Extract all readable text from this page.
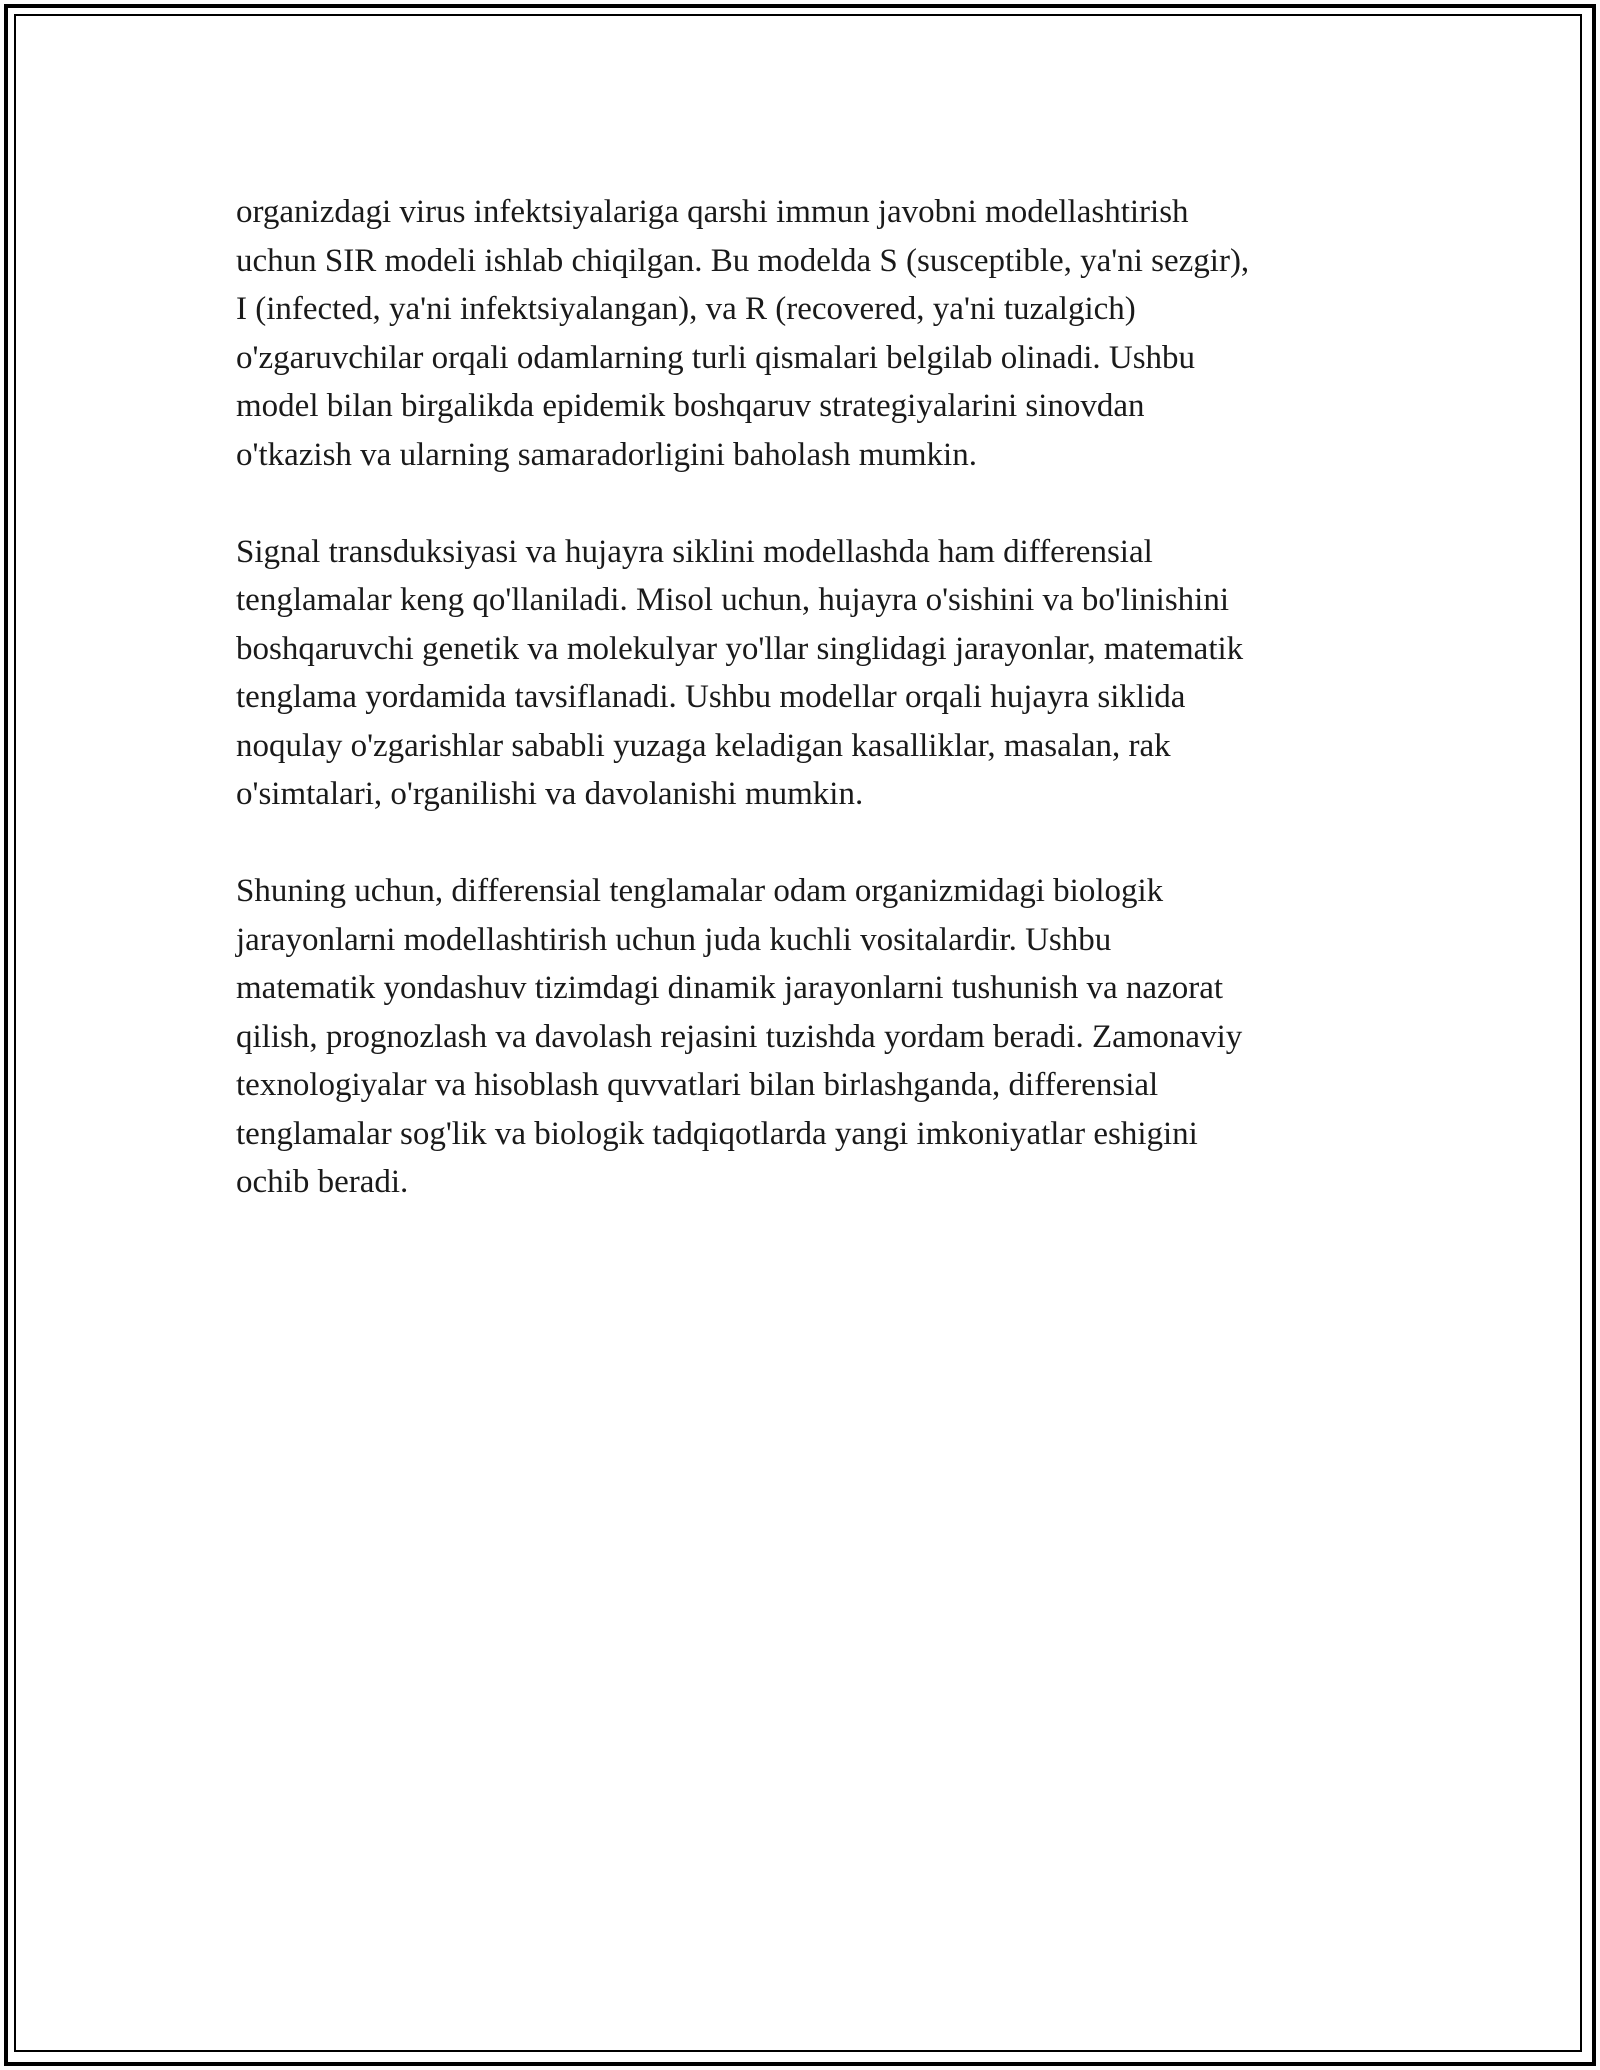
organizdagi virus infektsiyalariga qarshi immun javobni modellashtirish
uchun SIR modeli ishlab chiqilgan. Bu modelda S (susceptible, ya'ni sezgir),
I (infected, ya'ni infektsiyalangan), va R (recovered, ya'ni tuzalgich)
o'zgaruvchilar orqali odamlarning turli qismalari belgilab olinadi. Ushbu
model bilan birgalikda epidemik boshqaruv strategiyalarini sinovdan
o'tkazish va ularning samaradorligini baholash mumkin.

Signal transduksiyasi va hujayra siklini modellashda ham differensial
tenglamalar keng qo'llaniladi. Misol uchun, hujayra o'sishini va bo'linishini
boshqaruvchi genetik va molekulyar yo'llar singlidagi jarayonlar, matematik
tenglama yordamida tavsiflanadi. Ushbu modellar orqali hujayra siklida
noqulay o'zgarishlar sababli yuzaga keladigan kasalliklar, masalan, rak
o'simtalari, o'rganilishi va davolanishi mumkin.

Shuning uchun, differensial tenglamalar odam organizmidagi biologik
jarayonlarni modellashtirish uchun juda kuchli vositalardir. Ushbu
matematik yondashuv tizimdagi dinamik jarayonlarni tushunish va nazorat
qilish, prognozlash va davolash rejasini tuzishda yordam beradi. Zamonaviy
texnologiyalar va hisoblash quvvatlari bilan birlashganda, differensial
tenglamalar sog'lik va biologik tadqiqotlarda yangi imkoniyatlar eshigini
ochib beradi.
